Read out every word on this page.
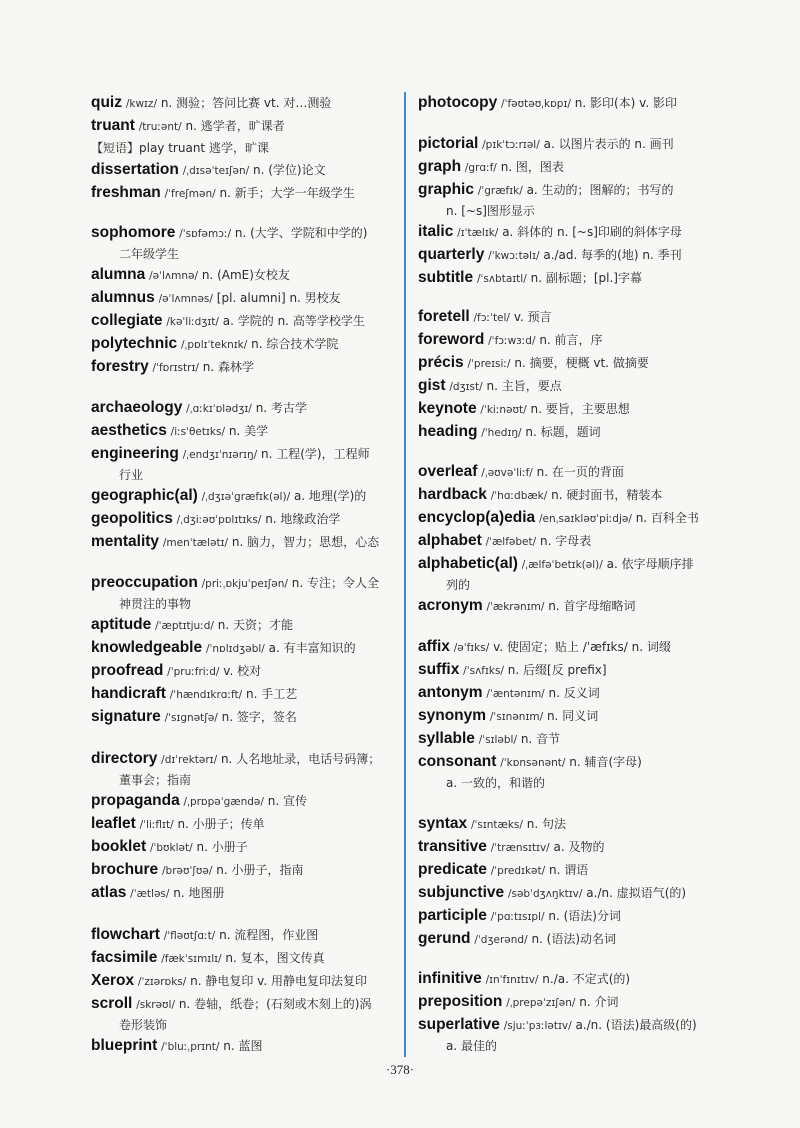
quiz /kwɪz/ n. 测验；答问比赛 vt. 对…测验
truant /truːənt/ n. 逃学者，旷课者
【短语】play truant 逃学，旷课
dissertation /ˌdɪsəˈteɪʃən/ n. (学位)论文
freshman /ˈfreʃmən/ n. 新手；大学一年级学生
sophomore /ˈsɒfəmɔː/ n. (大学、学院和中学的)
二年级学生
alumna /əˈlʌmnə/ n. (AmE)女校友
alumnus /əˈlʌmnəs/ [pl. alumni] n. 男校友
collegiate /kəˈliːdʒɪt/ a. 学院的 n. 高等学校学生
polytechnic /ˌpɒlɪˈteknɪk/ n. 综合技术学院
forestry /ˈfɒrɪstrɪ/ n. 森林学
archaeology /ˌɑːkɪˈɒlədʒɪ/ n. 考古学
aesthetics /iːsˈθetɪks/ n. 美学
engineering /ˌendʒɪˈnɪərɪŋ/ n. 工程(学)，工程师
行业
geographic(al) /ˌdʒɪəˈgræfɪk(əl)/ a. 地理(学)的
geopolitics /ˌdʒiːəʊˈpɒlɪtɪks/ n. 地缘政治学
mentality /menˈtælətɪ/ n. 脑力，智力；思想，心态
preoccupation /priːˌɒkjuˈpeɪʃən/ n. 专注；令人全
神贯注的事物
aptitude /ˈæptɪtjuːd/ n. 天资；才能
knowledgeable /ˈnɒlɪdʒəbl/ a. 有丰富知识的
proofread /ˈpruːfriːd/ v. 校对
handicraft /ˈhændɪkrɑːft/ n. 手工艺
signature /ˈsɪgnətʃə/ n. 签字，签名
directory /dɪˈrektərɪ/ n. 人名地址录，电话号码簿；
董事会；指南
propaganda /ˌprɒpəˈgændə/ n. 宣传
leaflet /ˈliːflɪt/ n. 小册子；传单
booklet /ˈbʊklət/ n. 小册子
brochure /brəʊˈʃʊə/ n. 小册子，指南
atlas /ˈætləs/ n. 地图册
flowchart /ˈfləʊtʃɑːt/ n. 流程图，作业图
facsimile /fækˈsɪmɪlɪ/ n. 复本，图文传真
Xerox /ˈzɪərɒks/ n. 静电复印 v. 用静电复印法复印
scroll /skrəʊl/ n. 卷轴，纸卷；(石刻或木刻上的)涡
卷形装饰
blueprint /ˈbluːˌprɪnt/ n. 蓝图
photocopy /ˈfəʊtəʊˌkɒpɪ/ n. 影印(本) v. 影印
pictorial /pɪkˈtɔːrɪəl/ a. 以图片表示的 n. 画刊
graph /grɑːf/ n. 图，图表
graphic /ˈgræfɪk/ a. 生动的；图解的；书写的
n. [~s]图形显示
italic /ɪˈtælɪk/ a. 斜体的 n. [~s]印刷的斜体字母
quarterly /ˈkwɔːtəlɪ/ a./ad. 每季的(地) n. 季刊
subtitle /ˈsʌbtaɪtl/ n. 副标题；[pl.]字幕
foretell /fɔːˈtel/ v. 预言
foreword /ˈfɔːwɜːd/ n. 前言，序
précis /ˈpreɪsiː/ n. 摘要，梗概 vt. 做摘要
gist /dʒɪst/ n. 主旨，要点
keynote /ˈkiːnəʊt/ n. 要旨，主要思想
heading /ˈhedɪŋ/ n. 标题，题词
overleaf /ˌəʊvəˈliːf/ n. 在一页的背面
hardback /ˈhɑːdbæk/ n. 硬封面书，精装本
encyclop(a)edia /enˌsaɪkləʊˈpiːdjə/ n. 百科全书
alphabet /ˈælfəbet/ n. 字母表
alphabetic(al) /ˌælfəˈbetɪk(əl)/ a. 依字母顺序排
列的
acronym /ˈækrənɪm/ n. 首字母缩略词
affix /əˈfɪks/ v. 使固定；贴上 /ˈæfɪks/ n. 词缀
suffix /ˈsʌfɪks/ n. 后缀[反 prefix]
antonym /ˈæntənɪm/ n. 反义词
synonym /ˈsɪnənɪm/ n. 同义词
syllable /ˈsɪləbl/ n. 音节
consonant /ˈkɒnsənənt/ n. 辅音(字母)
a. 一致的，和谐的
syntax /ˈsɪntæks/ n. 句法
transitive /ˈtrænsɪtɪv/ a. 及物的
predicate /ˈpredɪkət/ n. 谓语
subjunctive /səbˈdʒʌŋktɪv/ a./n. 虚拟语气(的)
participle /ˈpɑːtɪsɪpl/ n. (语法)分词
gerund /ˈdʒerənd/ n. (语法)动名词
infinitive /ɪnˈfɪnɪtɪv/ n./a. 不定式(的)
preposition /ˌprepəˈzɪʃən/ n. 介词
superlative /sjuːˈpɜːlətɪv/ a./n. (语法)最高级(的)
a. 最佳的
·378·
